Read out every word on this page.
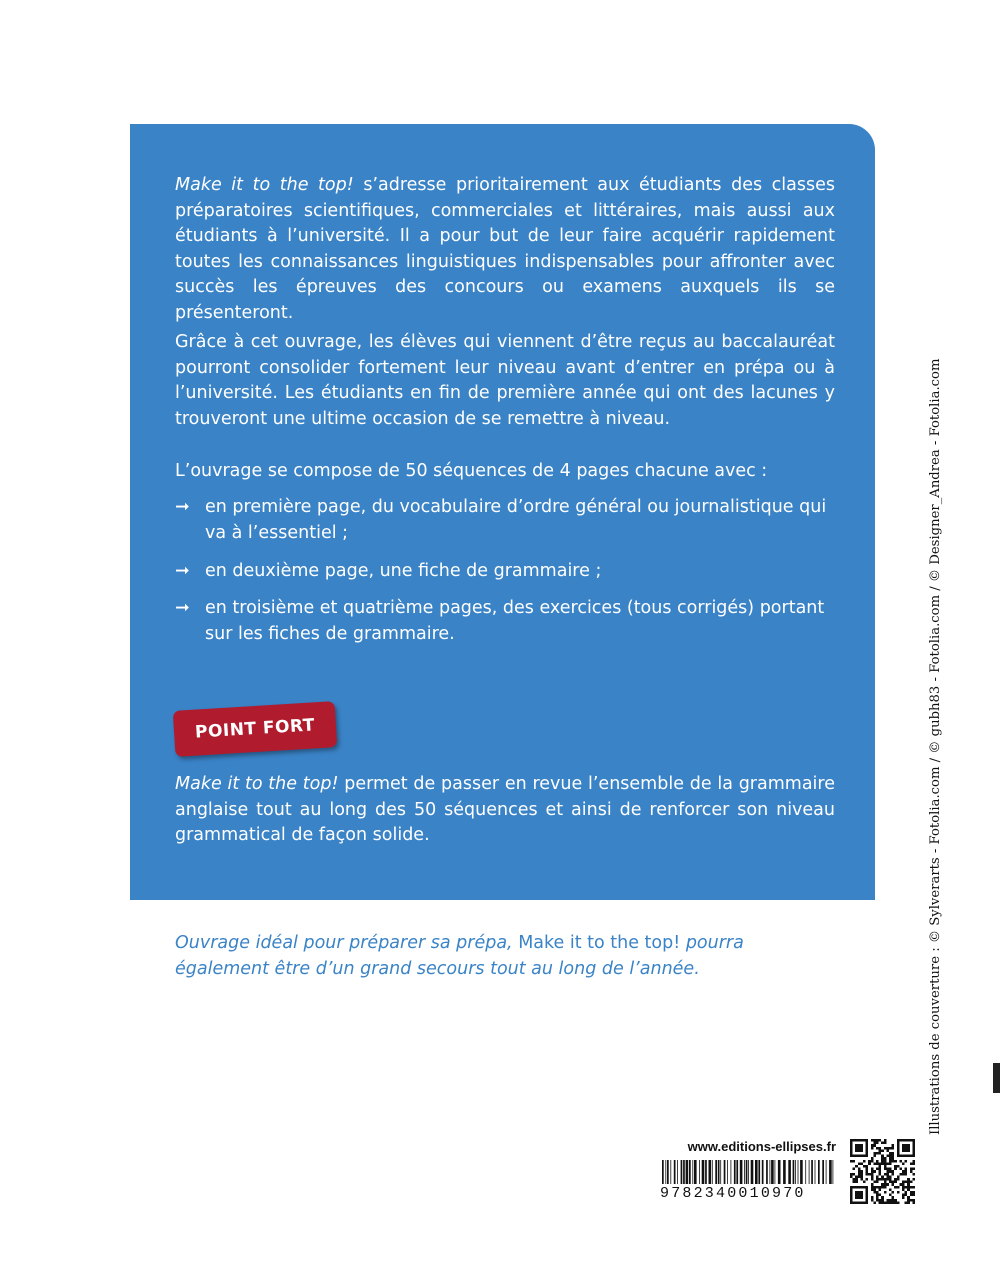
Make it to the top! s’adresse prioritairement aux étudiants des classes préparatoires scientifiques, commerciales et littéraires, mais aussi aux étudiants à l’université. Il a pour but de leur faire acquérir rapidement toutes les connaissances linguistiques indispensables pour affronter avec succès les épreuves des concours ou examens auxquels ils se présenteront.

Grâce à cet ouvrage, les élèves qui viennent d’être reçus au baccalauréat pourront consolider fortement leur niveau avant d’entrer en prépa ou à l’université. Les étudiants en fin de première année qui ont des lacunes y trouveront une ultime occasion de se remettre à niveau.

L’ouvrage se compose de 50 séquences de 4 pages chacune avec :

➞ en première page, du vocabulaire d’ordre général ou journalistique qui va à l’essentiel ;
➞ en deuxième page, une fiche de grammaire ;
➞ en troisième et quatrième pages, des exercices (tous corrigés) portant sur les fiches de grammaire.
POINT FORT

Make it to the top! permet de passer en revue l’ensemble de la grammaire anglaise tout au long des 50 séquences et ainsi de renforcer son niveau grammatical de façon solide.

Ouvrage idéal pour préparer sa prépa, Make it to the top! pourra également être d’un grand secours tout au long de l’année.	Illustrations de couverture : © Sylverarts - Fotolia.com / © gubh83 - Fotolia.com / © Designer_Andrea - Fotolia.com
www.editions-ellipses.fr
9782340010970
